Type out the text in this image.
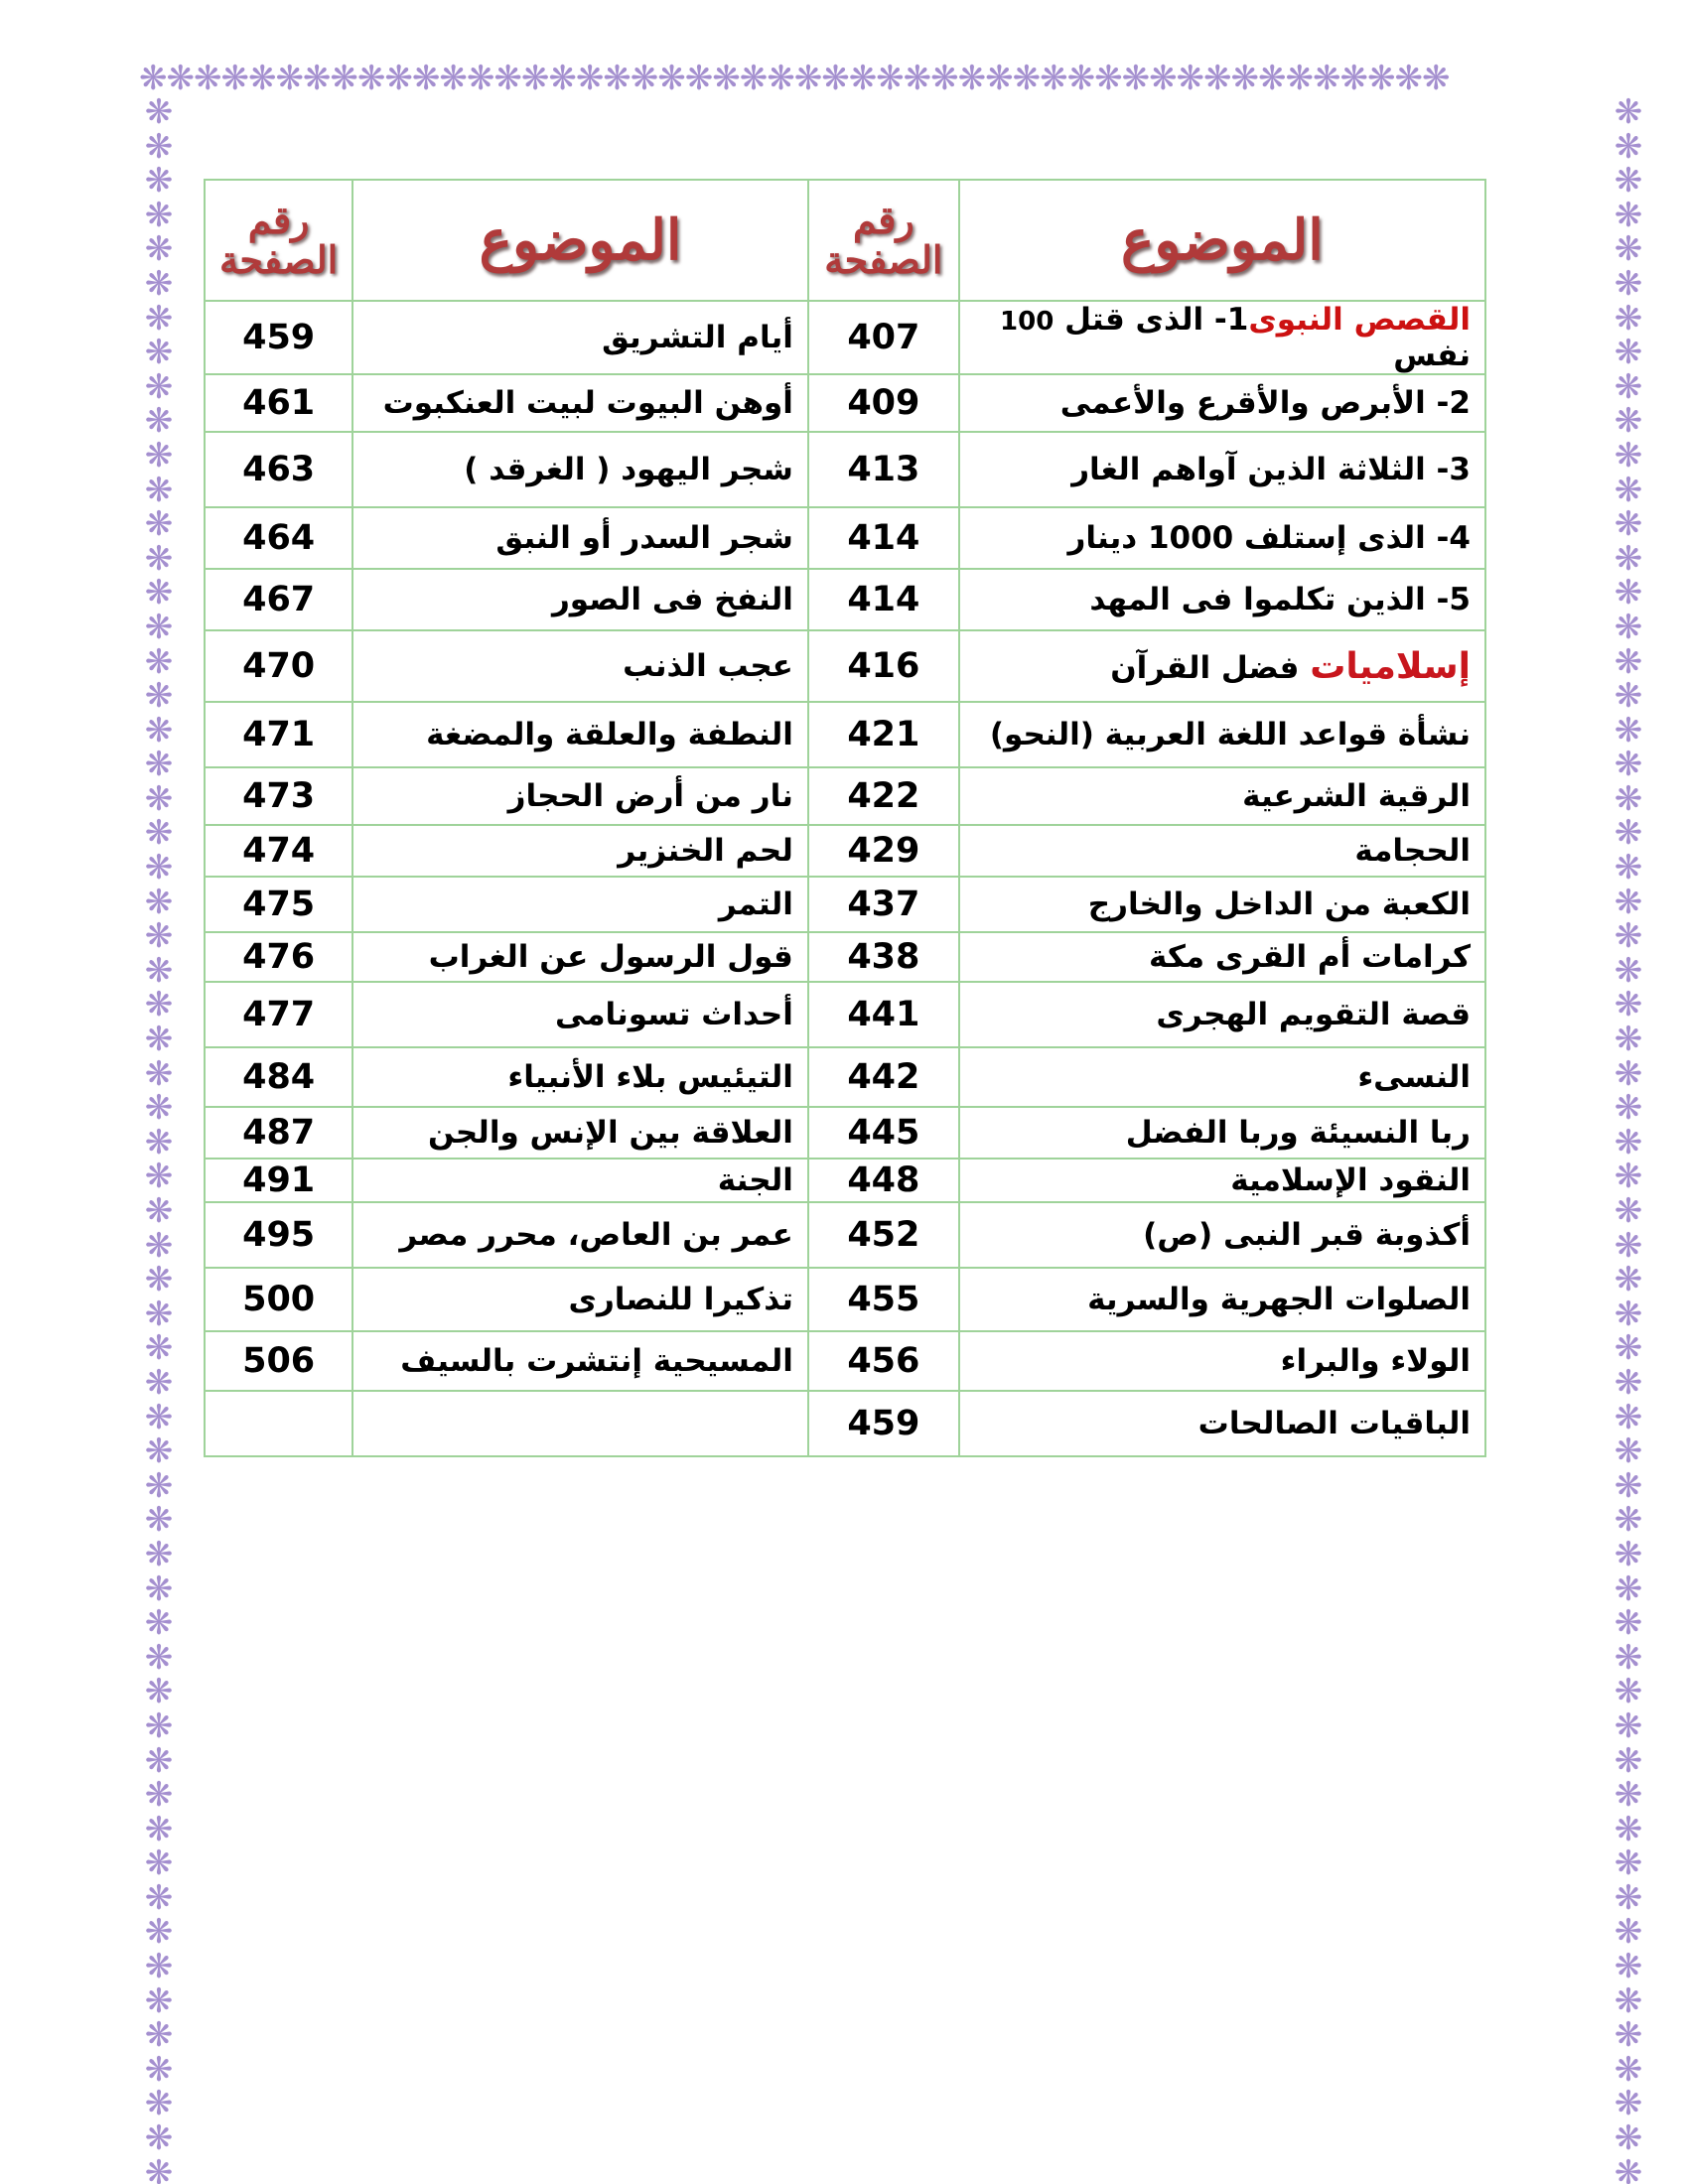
❋❋❋❋❋❋❋❋❋❋❋❋❋❋❋❋❋❋❋❋❋❋❋❋❋❋❋❋❋❋❋❋❋❋❋❋❋❋❋❋❋❋❋❋❋❋❋❋
❋
❋
❋
❋
❋
❋
❋
❋
❋
❋
❋
❋
❋
❋
❋
❋
❋
❋
❋
❋
❋
❋
❋
❋
❋
❋
❋
❋
❋
❋
❋
❋
❋
❋
❋
❋
❋
❋
❋
❋
❋
❋
❋
❋
❋
❋
❋
❋
❋
❋
❋
❋
❋
❋
❋
❋
❋
❋
❋
❋
❋
❋
❋
❋
❋
❋
❋
❋
❋
❋
❋
❋
❋
❋
❋
❋
❋
❋
❋
❋
❋
❋
❋
❋
❋
❋
❋
❋
❋
❋
❋
❋
❋
❋
❋
❋
❋
❋
❋
❋
❋
❋
❋
❋
❋
❋
❋
❋
❋
❋
❋
❋
❋
❋
❋
❋
❋
❋
❋
❋
❋
❋
الموضوع	رقم الصفحة	الموضوع	رقم الصفحة
القصص النبوى1- الذى قتل 100 نفس	407	أيام التشريق	459
2- الأبرص والأقرع والأعمى	409	أوهن البيوت لبيت العنكبوت	461
3- الثلاثة الذين آواهم الغار	413	شجر اليهود ( الغرقد )	463
4- الذى إستلف 1000 دينار	414	شجر السدر أو النبق	464
5- الذين تكلموا فى المهد	414	النفخ فى الصور	467
إسلاميات فضل القرآن	416	عجب الذنب	470
نشأة قواعد اللغة العربية (النحو)	421	النطفة والعلقة والمضغة	471
الرقية الشرعية	422	نار من أرض الحجاز	473
الحجامة	429	لحم الخنزير	474
الكعبة من الداخل والخارج	437	التمر	475
كرامات أم القرى مكة	438	قول الرسول عن الغراب	476
قصة التقويم الهجرى	441	أحداث تسونامى	477
النسىء	442	التيئيس بلاء الأنبياء	484
ربا النسيئة وربا الفضل	445	العلاقة بين الإنس والجن	487
النقود الإسلامية	448	الجنة	491
أكذوبة قبر النبى (ص)	452	عمر بن العاص، محرر مصر	495
الصلوات الجهرية والسرية	455	تذكيرا للنصارى	500
الولاء والبراء	456	المسيحية إنتشرت بالسيف	506
الباقيات الصالحات	459		
